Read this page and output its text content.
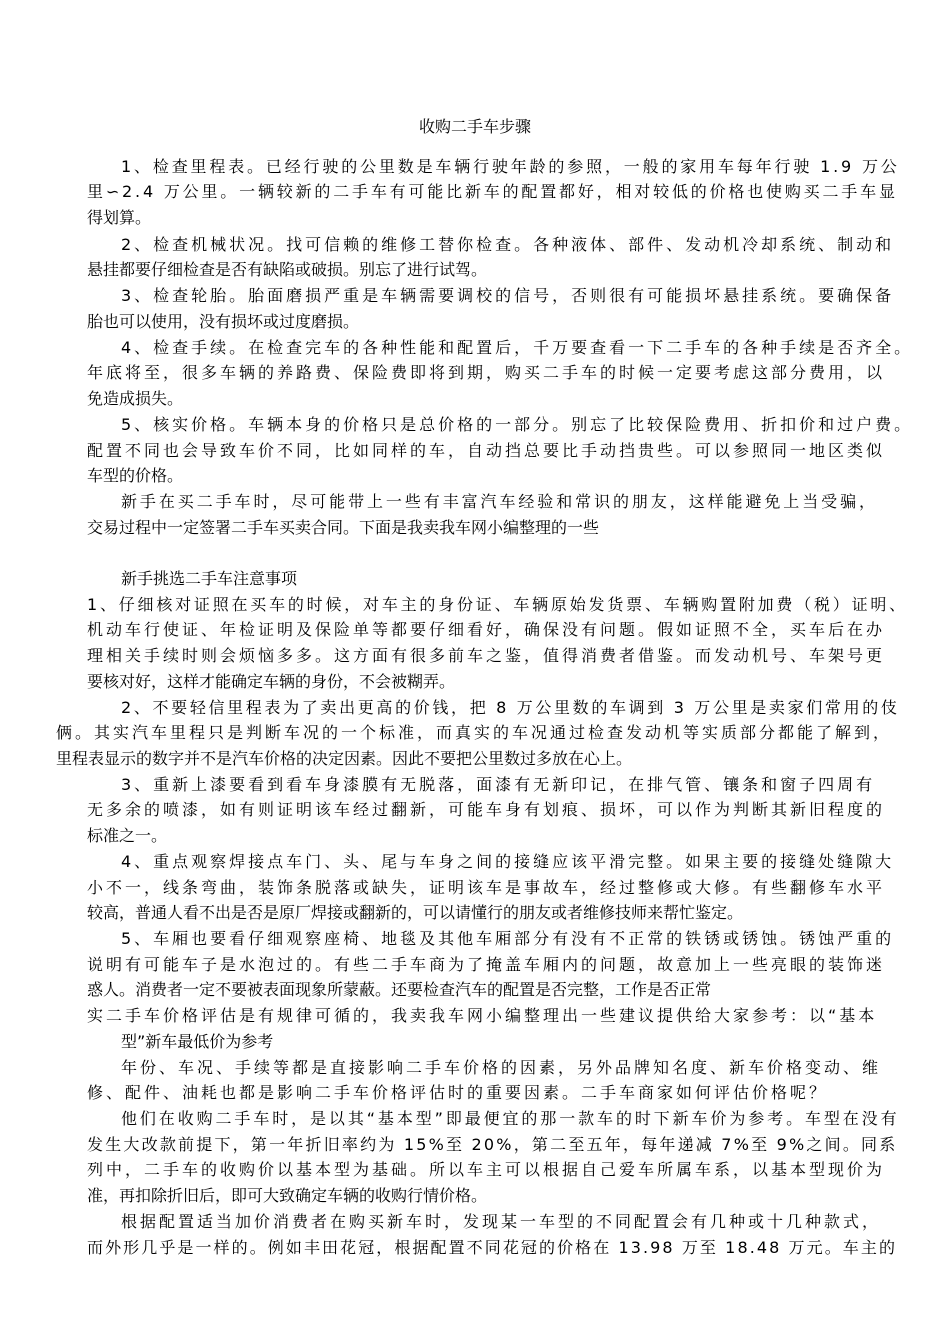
收购二手车步骤
1、检查里程表。已经行驶的公里数是车辆行驶年龄的参照，一般的家用车每年行驶 1.9 万公
里∽2.4 万公里。一辆较新的二手车有可能比新车的配置都好，相对较低的价格也使购买二手车显
得划算。
2、检查机械状况。找可信赖的维修工替你检查。各种液体、部件、发动机冷却系统、制动和
悬挂都要仔细检查是否有缺陷或破损。别忘了进行试驾。
3、检查轮胎。胎面磨损严重是车辆需要调校的信号，否则很有可能损坏悬挂系统。要确保备
胎也可以使用，没有损坏或过度磨损。
4、检查手续。在检查完车的各种性能和配置后，千万要查看一下二手车的各种手续是否齐全。
年底将至，很多车辆的养路费、保险费即将到期，购买二手车的时候一定要考虑这部分费用，以
免造成损失。
5、核实价格。车辆本身的价格只是总价格的一部分。别忘了比较保险费用、折扣价和过户费。
配置不同也会导致车价不同，比如同样的车，自动挡总要比手动挡贵些。可以参照同一地区类似
车型的价格。
新手在买二手车时，尽可能带上一些有丰富汽车经验和常识的朋友，这样能避免上当受骗，
交易过程中一定签署二手车买卖合同。下面是我卖我车网小编整理的一些
新手挑选二手车注意事项
1、仔细核对证照在买车的时候，对车主的身份证、车辆原始发货票、车辆购置附加费（税）证明、
机动车行使证、年检证明及保险单等都要仔细看好，确保没有问题。假如证照不全，买车后在办
理相关手续时则会烦恼多多。这方面有很多前车之鉴，值得消费者借鉴。而发动机号、车架号更
要核对好，这样才能确定车辆的身份，不会被糊弄。
2、不要轻信里程表为了卖出更高的价钱，把 8 万公里数的车调到 3 万公里是卖家们常用的伎
俩。其实汽车里程只是判断车况的一个标准，而真实的车况通过检查发动机等实质部分都能了解到，
里程表显示的数字并不是汽车价格的决定因素。因此不要把公里数过多放在心上。
3、重新上漆要看到看车身漆膜有无脱落，面漆有无新印记，在排气管、镶条和窗子四周有
无多余的喷漆，如有则证明该车经过翻新，可能车身有划痕、损坏，可以作为判断其新旧程度的
标准之一。
4、重点观察焊接点车门、头、尾与车身之间的接缝应该平滑完整。如果主要的接缝处缝隙大
小不一，线条弯曲，装饰条脱落或缺失，证明该车是事故车，经过整修或大修。有些翻修车水平
较高，普通人看不出是否是原厂焊接或翻新的，可以请懂行的朋友或者维修技师来帮忙鉴定。
5、车厢也要看仔细观察座椅、地毯及其他车厢部分有没有不正常的铁锈或锈蚀。锈蚀严重的
说明有可能车子是水泡过的。有些二手车商为了掩盖车厢内的问题，故意加上一些亮眼的装饰迷
惑人。消费者一定不要被表面现象所蒙蔽。还要检查汽车的配置是否完整，工作是否正常
实二手车价格评估是有规律可循的，我卖我车网小编整理出一些建议提供给大家参考：以“基本
型”新车最低价为参考
年份、车况、手续等都是直接影响二手车价格的因素，另外品牌知名度、新车价格变动、维
修、配件、油耗也都是影响二手车价格评估时的重要因素。二手车商家如何评估价格呢？
他们在收购二手车时，是以其“基本型”即最便宜的那一款车的时下新车价为参考。车型在没有
发生大改款前提下，第一年折旧率约为 15%至 20%，第二至五年，每年递减 7%至 9%之间。同系
列中，二手车的收购价以基本型为基础。所以车主可以根据自己爱车所属车系，以基本型现价为
准，再扣除折旧后，即可大致确定车辆的收购行情价格。
根据配置适当加价消费者在购买新车时，发现某一车型的不同配置会有几种或十几种款式，
而外形几乎是一样的。例如丰田花冠，根据配置不同花冠的价格在 13.98 万至 18.48 万元。车主的
